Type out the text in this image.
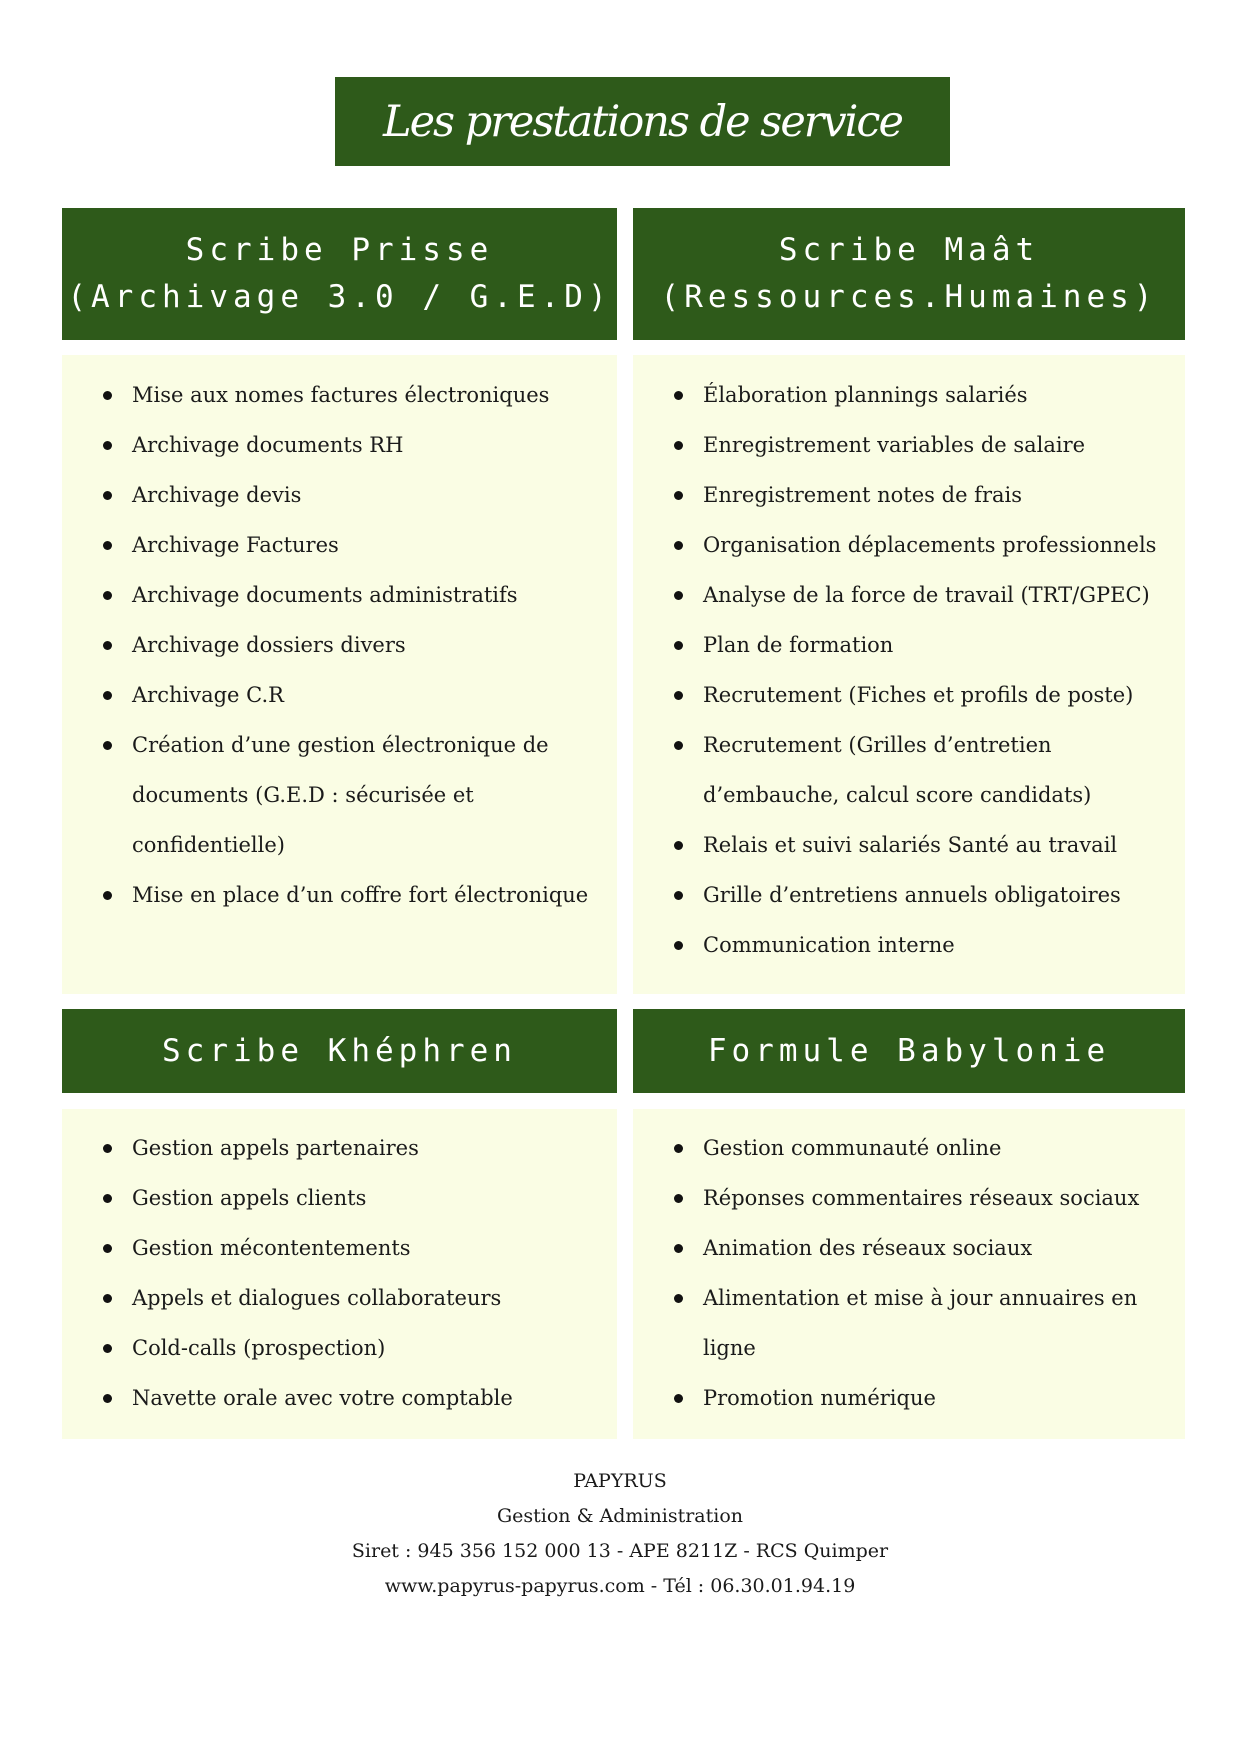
Les prestations de service
Scribe Prisse
(Archivage 3.0 / G.E.D)
Mise aux nomes factures électroniques
Archivage documents RH
Archivage devis
Archivage Factures
Archivage documents administratifs
Archivage dossiers divers
Archivage C.R
Création d’une gestion électronique de documents (G.E.D : sécurisée et confidentielle)
Mise en place d’un coffre fort électronique
Scribe Maât
(Ressources.Humaines)
Élaboration plannings salariés
Enregistrement variables de salaire
Enregistrement notes de frais
Organisation déplacements professionnels
Analyse de la force de travail (TRT/GPEC)
Plan de formation
Recrutement (Fiches et profils de poste)
Recrutement (Grilles d’entretien d’embauche, calcul score candidats)
Relais et suivi salariés Santé au travail
Grille d’entretiens annuels obligatoires
Communication interne
Scribe Khéphren
Gestion appels partenaires
Gestion appels clients
Gestion mécontentements
Appels et dialogues collaborateurs
Cold-calls (prospection)
Navette orale avec votre comptable
Formule Babylonie
Gestion communauté online
Réponses commentaires réseaux sociaux
Animation des réseaux sociaux
Alimentation et mise à jour annuaires en ligne
Promotion numérique
PAPYRUS
Gestion & Administration
Siret : 945 356 152 000 13 - APE 8211Z - RCS Quimper
www.papyrus-papyrus.com - Tél : 06.30.01.94.19
